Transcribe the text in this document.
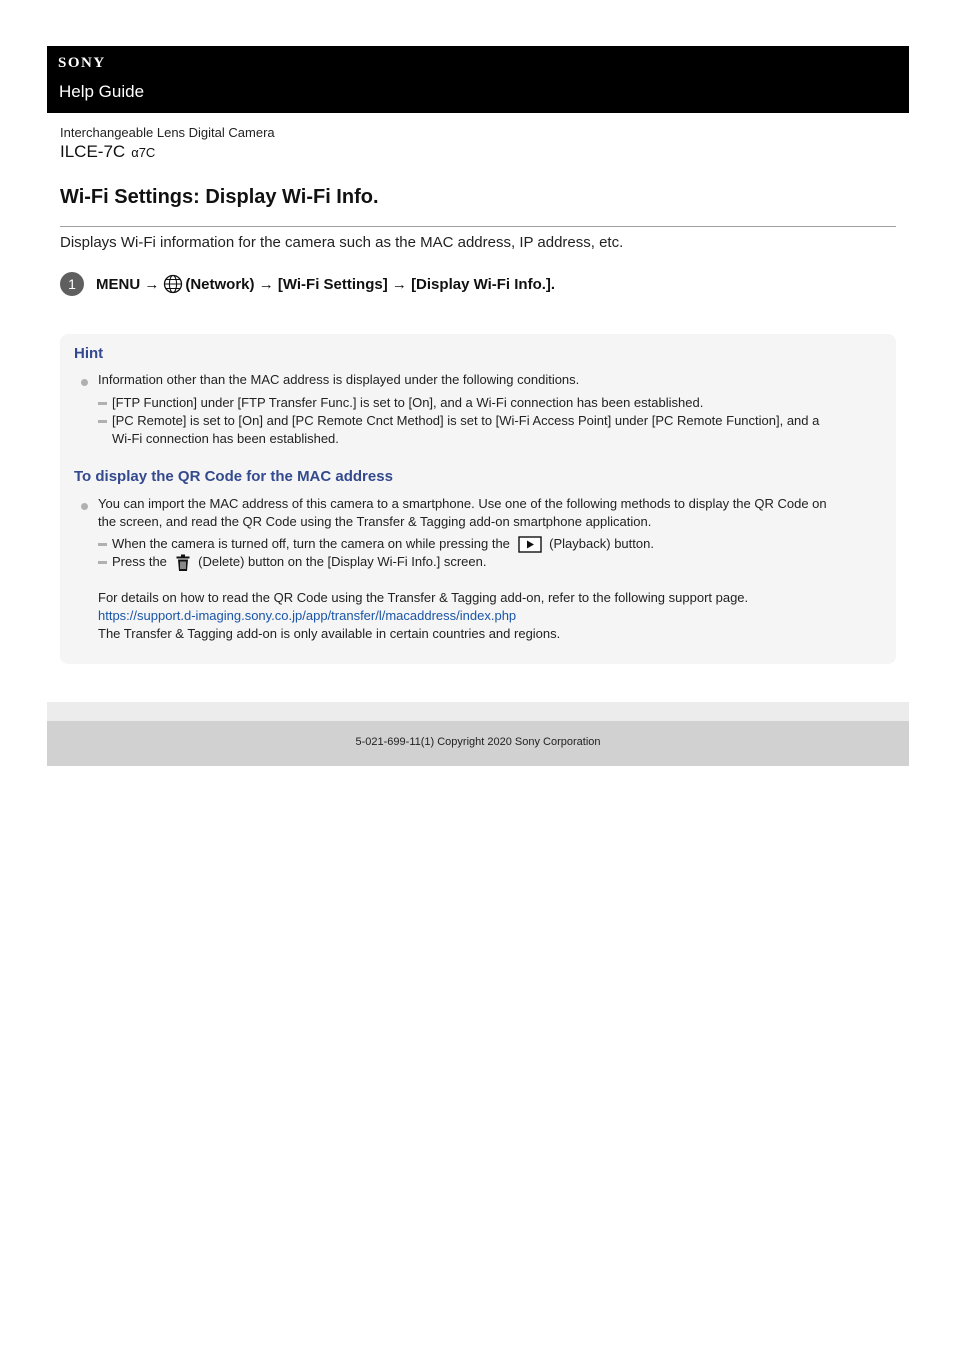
SONY
Help Guide
Interchangeable Lens Digital Camera
ILCE-7C α7C
Wi-Fi Settings: Display Wi-Fi Info.
Displays Wi-Fi information for the camera such as the MAC address, IP address, etc.
1	MENU
→ (Network)
→
[Wi-Fi Settings]
→
[Display Wi-Fi Info.].
Hint
Information other than the MAC address is displayed under the following conditions.
[FTP Function] under [FTP Transfer Func.] is set to [On], and a Wi-Fi connection has been established.
[PC Remote] is set to [On] and [PC Remote Cnct Method] is set to [Wi-Fi Access Point] under [PC Remote Function], and a
Wi-Fi connection has been established.
To display the QR Code for the MAC address
You can import the MAC address of this camera to a smartphone. Use one of the following methods to display the QR Code on
the screen, and read the QR Code using the Transfer & Tagging add-on smartphone application.
When the camera is turned off, turn the camera on while pressing the	(Playback) button.
Press the (Delete) button on the [Display Wi-Fi Info.] screen.
For details on how to read the QR Code using the Transfer & Tagging add-on, refer to the following support page.
https://support.d-imaging.sony.co.jp/app/transfer/l/macaddress/index.php
The Transfer & Tagging add-on is only available in certain countries and regions.
5-021-699-11(1) Copyright 2020 Sony Corporation
